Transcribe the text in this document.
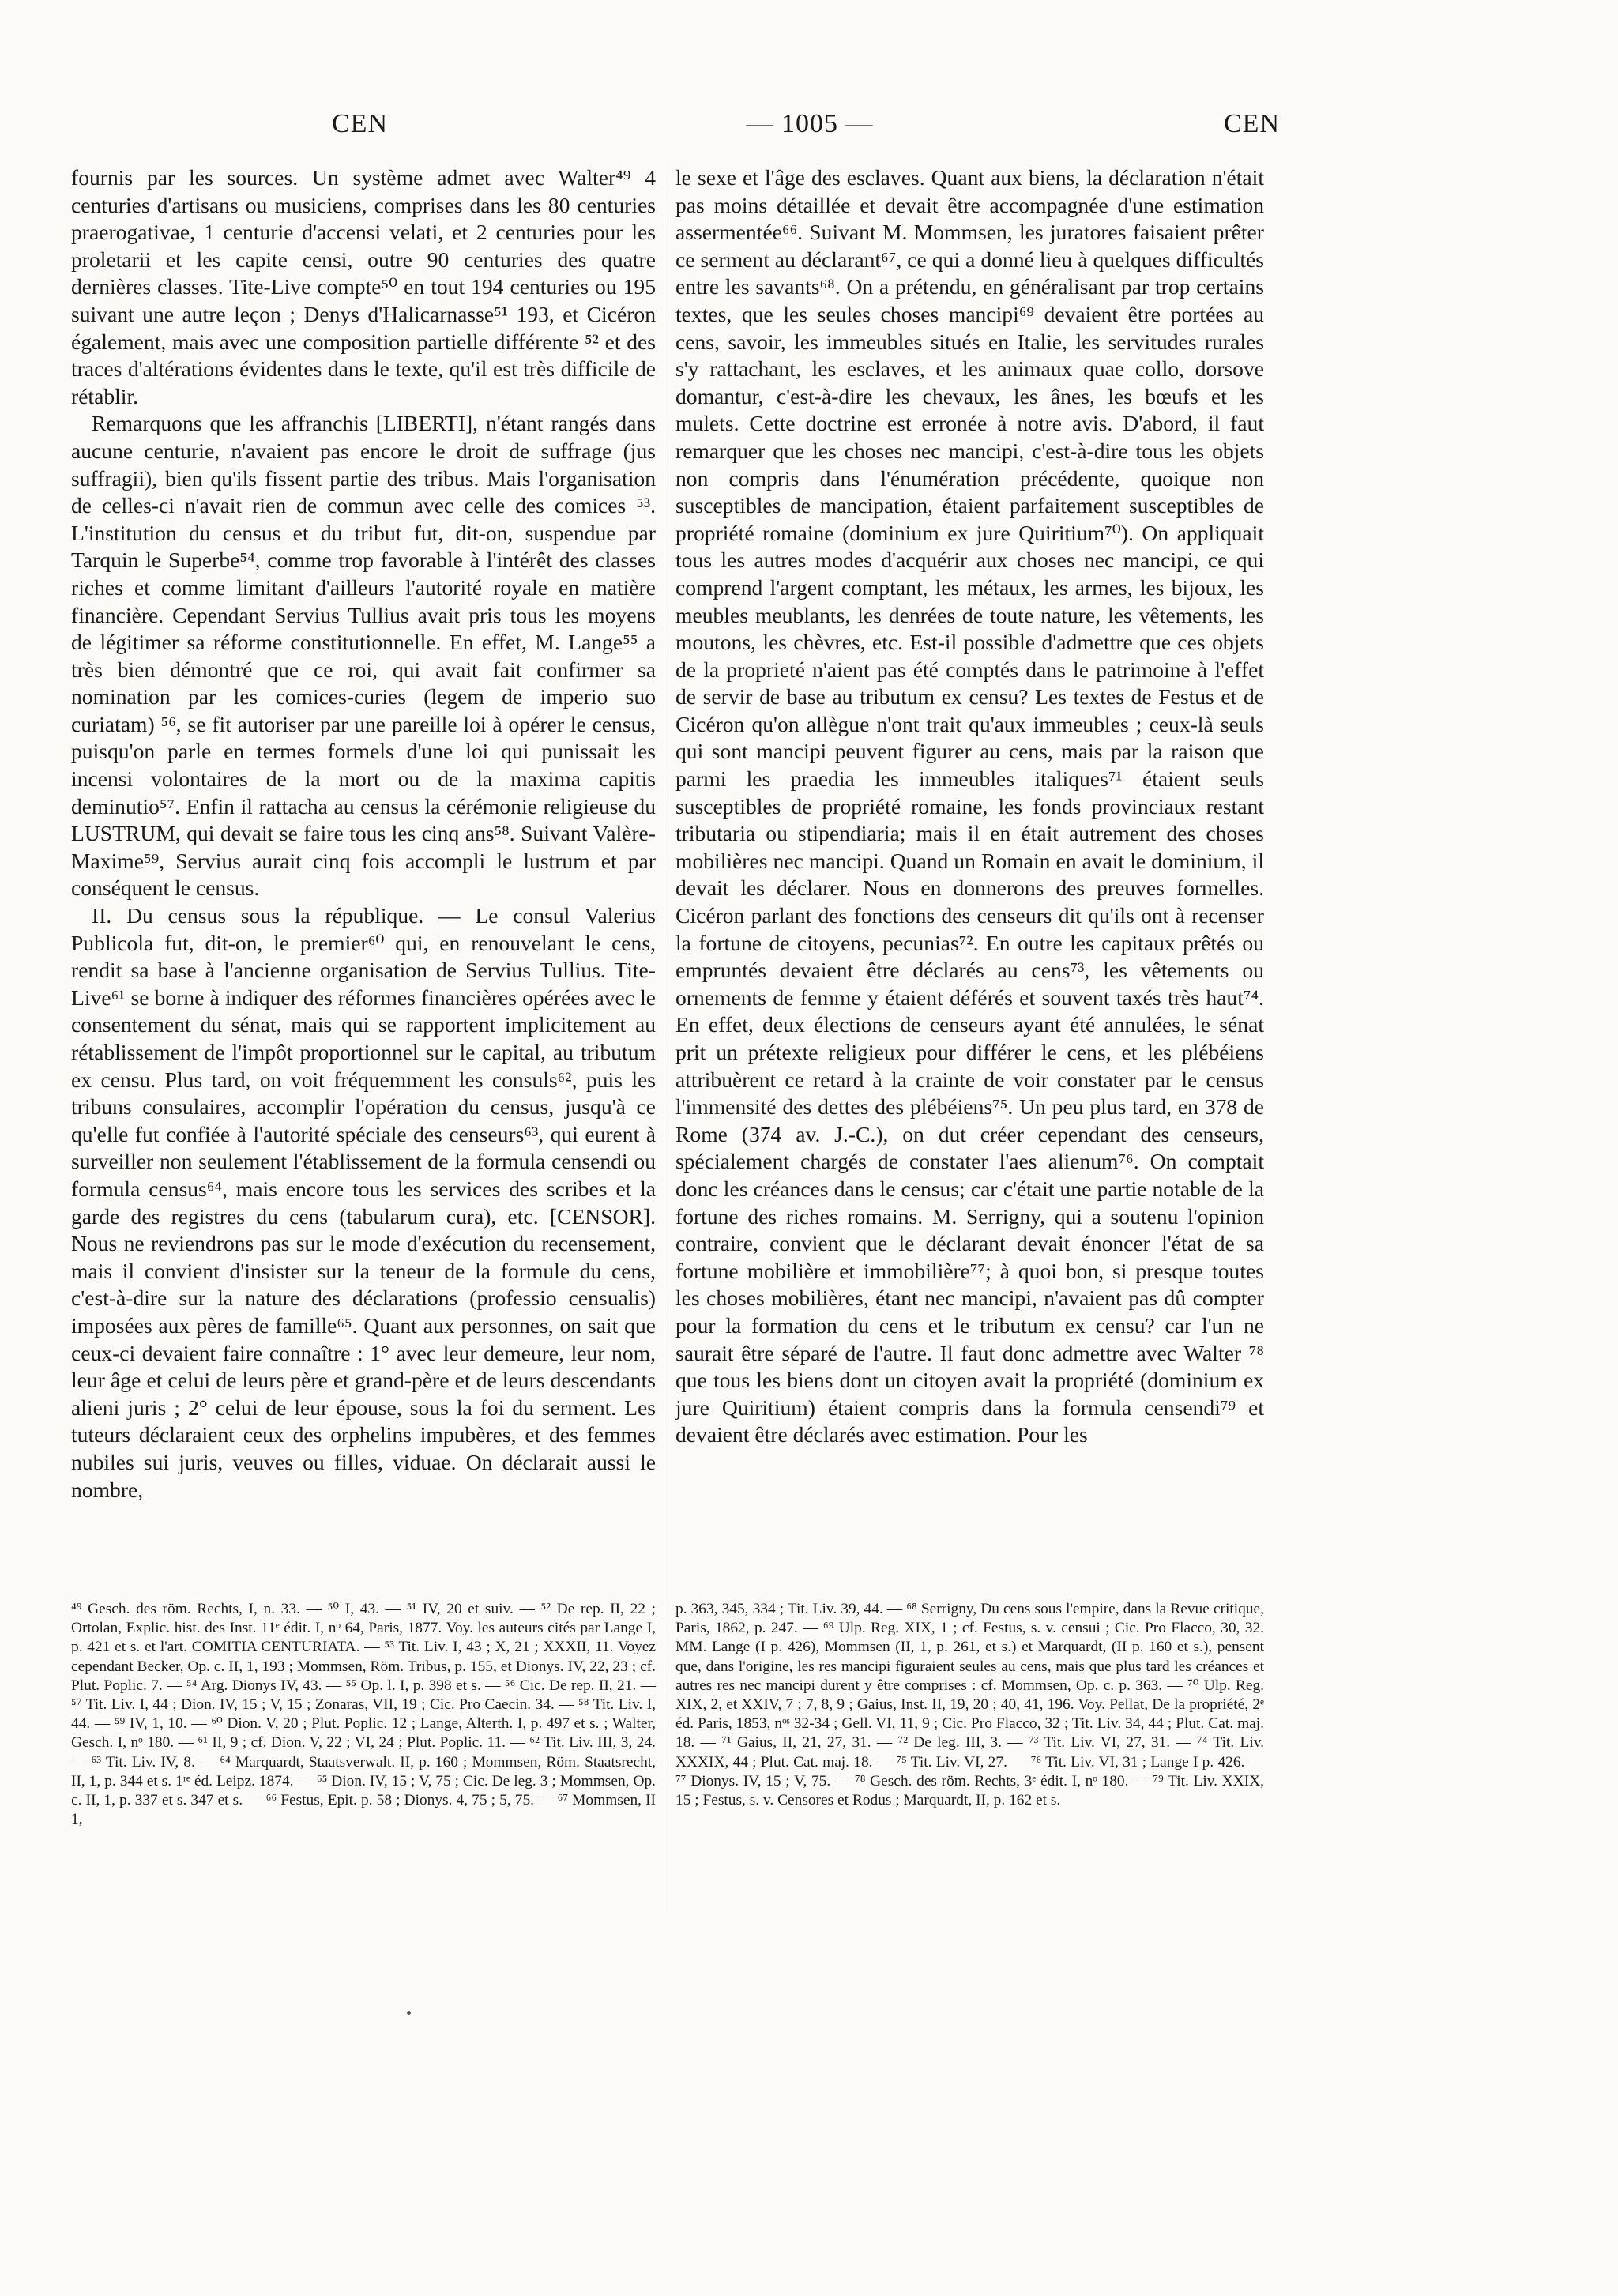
CEN	— 1005 —	CEN

fournis par les sources. Un système admet avec Walter⁴⁹ 4 centuries d'artisans ou musiciens, comprises dans les 80 centuries praerogativae, 1 centurie d'accensi velati, et 2 centuries pour les proletarii et les capite censi, outre 90 centuries des quatre dernières classes. Tite-Live compte⁵⁰ en tout 194 centuries ou 195 suivant une autre leçon ; Denys d'Halicarnasse⁵¹ 193, et Cicéron également, mais avec une composition partielle différente ⁵² et des traces d'altérations évidentes dans le texte, qu'il est très difficile de rétablir.

Remarquons que les affranchis [LIBERTI], n'étant rangés dans aucune centurie, n'avaient pas encore le droit de suffrage (jus suffragii), bien qu'ils fissent partie des tribus. Mais l'organisation de celles-ci n'avait rien de commun avec celle des comices ⁵³. L'institution du census et du tribut fut, dit-on, suspendue par Tarquin le Superbe⁵⁴, comme trop favorable à l'intérêt des classes riches et comme limitant d'ailleurs l'autorité royale en matière financière. Cependant Servius Tullius avait pris tous les moyens de légitimer sa réforme constitutionnelle. En effet, M. Lange⁵⁵ a très bien démontré que ce roi, qui avait fait confirmer sa nomination par les comices-curies (legem de imperio suo curiatam) ⁵⁶, se fit autoriser par une pareille loi à opérer le census, puisqu'on parle en termes formels d'une loi qui punissait les incensi volontaires de la mort ou de la maxima capitis deminutio⁵⁷. Enfin il rattacha au census la cérémonie religieuse du LUSTRUM, qui devait se faire tous les cinq ans⁵⁸. Suivant Valère-Maxime⁵⁹, Servius aurait cinq fois accompli le lustrum et par conséquent le census.

II. Du census sous la république. — Le consul Valerius Publicola fut, dit-on, le premier⁶⁰ qui, en renouvelant le cens, rendit sa base à l'ancienne organisation de Servius Tullius. Tite-Live⁶¹ se borne à indiquer des réformes financières opérées avec le consentement du sénat, mais qui se rapportent implicitement au rétablissement de l'impôt proportionnel sur le capital, au tributum ex censu. Plus tard, on voit fréquemment les consuls⁶², puis les tribuns consulaires, accomplir l'opération du census, jusqu'à ce qu'elle fut confiée à l'autorité spéciale des censeurs⁶³, qui eurent à surveiller non seulement l'établissement de la formula censendi ou formula census⁶⁴, mais encore tous les services des scribes et la garde des registres du cens (tabularum cura), etc. [CENSOR]. Nous ne reviendrons pas sur le mode d'exécution du recensement, mais il convient d'insister sur la teneur de la formule du cens, c'est-à-dire sur la nature des déclarations (professio censualis) imposées aux pères de famille⁶⁵. Quant aux personnes, on sait que ceux-ci devaient faire connaître : 1° avec leur demeure, leur nom, leur âge et celui de leurs père et grand-père et de leurs descendants alieni juris ; 2° celui de leur épouse, sous la foi du serment. Les tuteurs déclaraient ceux des orphelins impubères, et des femmes nubiles sui juris, veuves ou filles, viduae. On déclarait aussi le nombre,

le sexe et l'âge des esclaves. Quant aux biens, la déclaration n'était pas moins détaillée et devait être accompagnée d'une estimation assermentée⁶⁶. Suivant M. Mommsen, les juratores faisaient prêter ce serment au déclarant⁶⁷, ce qui a donné lieu à quelques difficultés entre les savants⁶⁸. On a prétendu, en généralisant par trop certains textes, que les seules choses mancipi⁶⁹ devaient être portées au cens, savoir, les immeubles situés en Italie, les servitudes rurales s'y rattachant, les esclaves, et les animaux quae collo, dorsove domantur, c'est-à-dire les chevaux, les ânes, les bœufs et les mulets. Cette doctrine est erronée à notre avis. D'abord, il faut remarquer que les choses nec mancipi, c'est-à-dire tous les objets non compris dans l'énumération précédente, quoique non susceptibles de mancipation, étaient parfaitement susceptibles de propriété romaine (dominium ex jure Quiritium⁷⁰). On appliquait tous les autres modes d'acquérir aux choses nec mancipi, ce qui comprend l'argent comptant, les métaux, les armes, les bijoux, les meubles meublants, les denrées de toute nature, les vêtements, les moutons, les chèvres, etc. Est-il possible d'admettre que ces objets de la proprieté n'aient pas été comptés dans le patrimoine à l'effet de servir de base au tributum ex censu? Les textes de Festus et de Cicéron qu'on allègue n'ont trait qu'aux immeubles ; ceux-là seuls qui sont mancipi peuvent figurer au cens, mais par la raison que parmi les praedia les immeubles italiques⁷¹ étaient seuls susceptibles de propriété romaine, les fonds provinciaux restant tributaria ou stipendiaria; mais il en était autrement des choses mobilières nec mancipi. Quand un Romain en avait le dominium, il devait les déclarer. Nous en donnerons des preuves formelles. Cicéron parlant des fonctions des censeurs dit qu'ils ont à recenser la fortune de citoyens, pecunias⁷². En outre les capitaux prêtés ou empruntés devaient être déclarés au cens⁷³, les vêtements ou ornements de femme y étaient déférés et souvent taxés très haut⁷⁴. En effet, deux élections de censeurs ayant été annulées, le sénat prit un prétexte religieux pour différer le cens, et les plébéiens attribuèrent ce retard à la crainte de voir constater par le census l'immensité des dettes des plébéiens⁷⁵. Un peu plus tard, en 378 de Rome (374 av. J.-C.), on dut créer cependant des censeurs, spécialement chargés de constater l'aes alienum⁷⁶. On comptait donc les créances dans le census; car c'était une partie notable de la fortune des riches romains. M. Serrigny, qui a soutenu l'opinion contraire, convient que le déclarant devait énoncer l'état de sa fortune mobilière et immobilière⁷⁷; à quoi bon, si presque toutes les choses mobilières, étant nec mancipi, n'avaient pas dû compter pour la formation du cens et le tributum ex censu? car l'un ne saurait être séparé de l'autre. Il faut donc admettre avec Walter ⁷⁸ que tous les biens dont un citoyen avait la propriété (dominium ex jure Quiritium) étaient compris dans la formula censendi⁷⁹ et devaient être déclarés avec estimation. Pour les

⁴⁹ Gesch. des röm. Rechts, I, n. 33. — ⁵⁰ I, 43. — ⁵¹ IV, 20 et suiv. — ⁵² De rep. II, 22 ; Ortolan, Explic. hist. des Inst. 11ᵉ édit. I, nᵒ 64, Paris, 1877. Voy. les auteurs cités par Lange I, p. 421 et s. et l'art. COMITIA CENTURIATA. — ⁵³ Tit. Liv. I, 43 ; X, 21 ; XXXII, 11. Voyez cependant Becker, Op. c. II, 1, 193 ; Mommsen, Röm. Tribus, p. 155, et Dionys. IV, 22, 23 ; cf. Plut. Poplic. 7. — ⁵⁴ Arg. Dionys IV, 43. — ⁵⁵ Op. l. I, p. 398 et s. — ⁵⁶ Cic. De rep. II, 21. — ⁵⁷ Tit. Liv. I, 44 ; Dion. IV, 15 ; V, 15 ; Zonaras, VII, 19 ; Cic. Pro Caecin. 34. — ⁵⁸ Tit. Liv. I, 44. — ⁵⁹ IV, 1, 10. — ⁶⁰ Dion. V, 20 ; Plut. Poplic. 12 ; Lange, Alterth. I, p. 497 et s. ; Walter, Gesch. I, nᵒ 180. — ⁶¹ II, 9 ; cf. Dion. V, 22 ; VI, 24 ; Plut. Poplic. 11. — ⁶² Tit. Liv. III, 3, 24. — ⁶³ Tit. Liv. IV, 8. — ⁶⁴ Marquardt, Staatsverwalt. II, p. 160 ; Mommsen, Röm. Staatsrecht, II, 1, p. 344 et s. 1ʳᵉ éd. Leipz. 1874. — ⁶⁵ Dion. IV, 15 ; V, 75 ; Cic. De leg. 3 ; Mommsen, Op. c. II, 1, p. 337 et s. 347 et s. — ⁶⁶ Festus, Epit. p. 58 ; Dionys. 4, 75 ; 5, 75. — ⁶⁷ Mommsen, II 1,

p. 363, 345, 334 ; Tit. Liv. 39, 44. — ⁶⁸ Serrigny, Du cens sous l'empire, dans la Revue critique, Paris, 1862, p. 247. — ⁶⁹ Ulp. Reg. XIX, 1 ; cf. Festus, s. v. censui ; Cic. Pro Flacco, 30, 32. MM. Lange (I p. 426), Mommsen (II, 1, p. 261, et s.) et Marquardt, (II p. 160 et s.), pensent que, dans l'origine, les res mancipi figuraient seules au cens, mais que plus tard les créances et autres res nec mancipi durent y être comprises : cf. Mommsen, Op. c. p. 363. — ⁷⁰ Ulp. Reg. XIX, 2, et XXIV, 7 ; 7, 8, 9 ; Gaius, Inst. II, 19, 20 ; 40, 41, 196. Voy. Pellat, De la propriété, 2ᵉ éd. Paris, 1853, nᵒˢ 32-34 ; Gell. VI, 11, 9 ; Cic. Pro Flacco, 32 ; Tit. Liv. 34, 44 ; Plut. Cat. maj. 18. — ⁷¹ Gaius, II, 21, 27, 31. — ⁷² De leg. III, 3. — ⁷³ Tit. Liv. VI, 27, 31. — ⁷⁴ Tit. Liv. XXXIX, 44 ; Plut. Cat. maj. 18. — ⁷⁵ Tit. Liv. VI, 27. — ⁷⁶ Tit. Liv. VI, 31 ; Lange I p. 426. — ⁷⁷ Dionys. IV, 15 ; V, 75. — ⁷⁸ Gesch. des röm. Rechts, 3ᵉ édit. I, nᵒ 180. — ⁷⁹ Tit. Liv. XXIX, 15 ; Festus, s. v. Censores et Rodus ; Marquardt, II, p. 162 et s.
